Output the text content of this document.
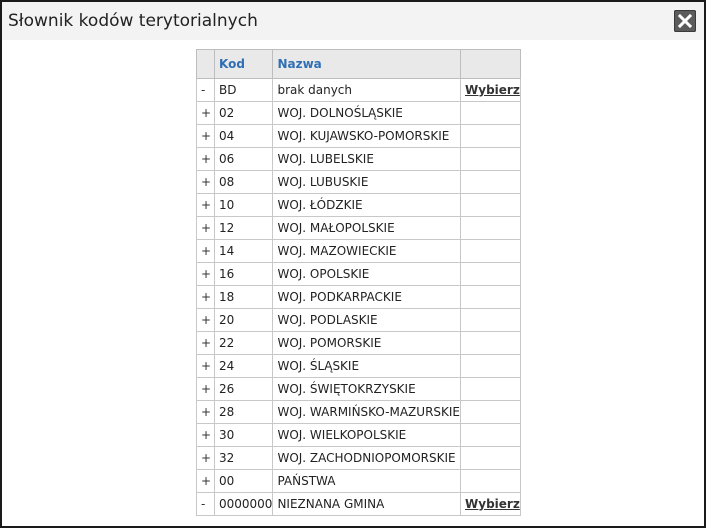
Słownik kodów terytorialnych
	Kod	Nazwa	
-	BD	brak danych	Wybierz
+	02	WOJ. DOLNOŚLĄSKIE	
+	04	WOJ. KUJAWSKO-POMORSKIE	
+	06	WOJ. LUBELSKIE	
+	08	WOJ. LUBUSKIE	
+	10	WOJ. ŁÓDZKIE	
+	12	WOJ. MAŁOPOLSKIE	
+	14	WOJ. MAZOWIECKIE	
+	16	WOJ. OPOLSKIE	
+	18	WOJ. PODKARPACKIE	
+	20	WOJ. PODLASKIE	
+	22	WOJ. POMORSKIE	
+	24	WOJ. ŚLĄSKIE	
+	26	WOJ. ŚWIĘTOKRZYSKIE	
+	28	WOJ. WARMIŃSKO-MAZURSKIE	
+	30	WOJ. WIELKOPOLSKIE	
+	32	WOJ. ZACHODNIOPOMORSKIE	
+	00	PAŃSTWA	
-	0000000	NIEZNANA GMINA	Wybierz
